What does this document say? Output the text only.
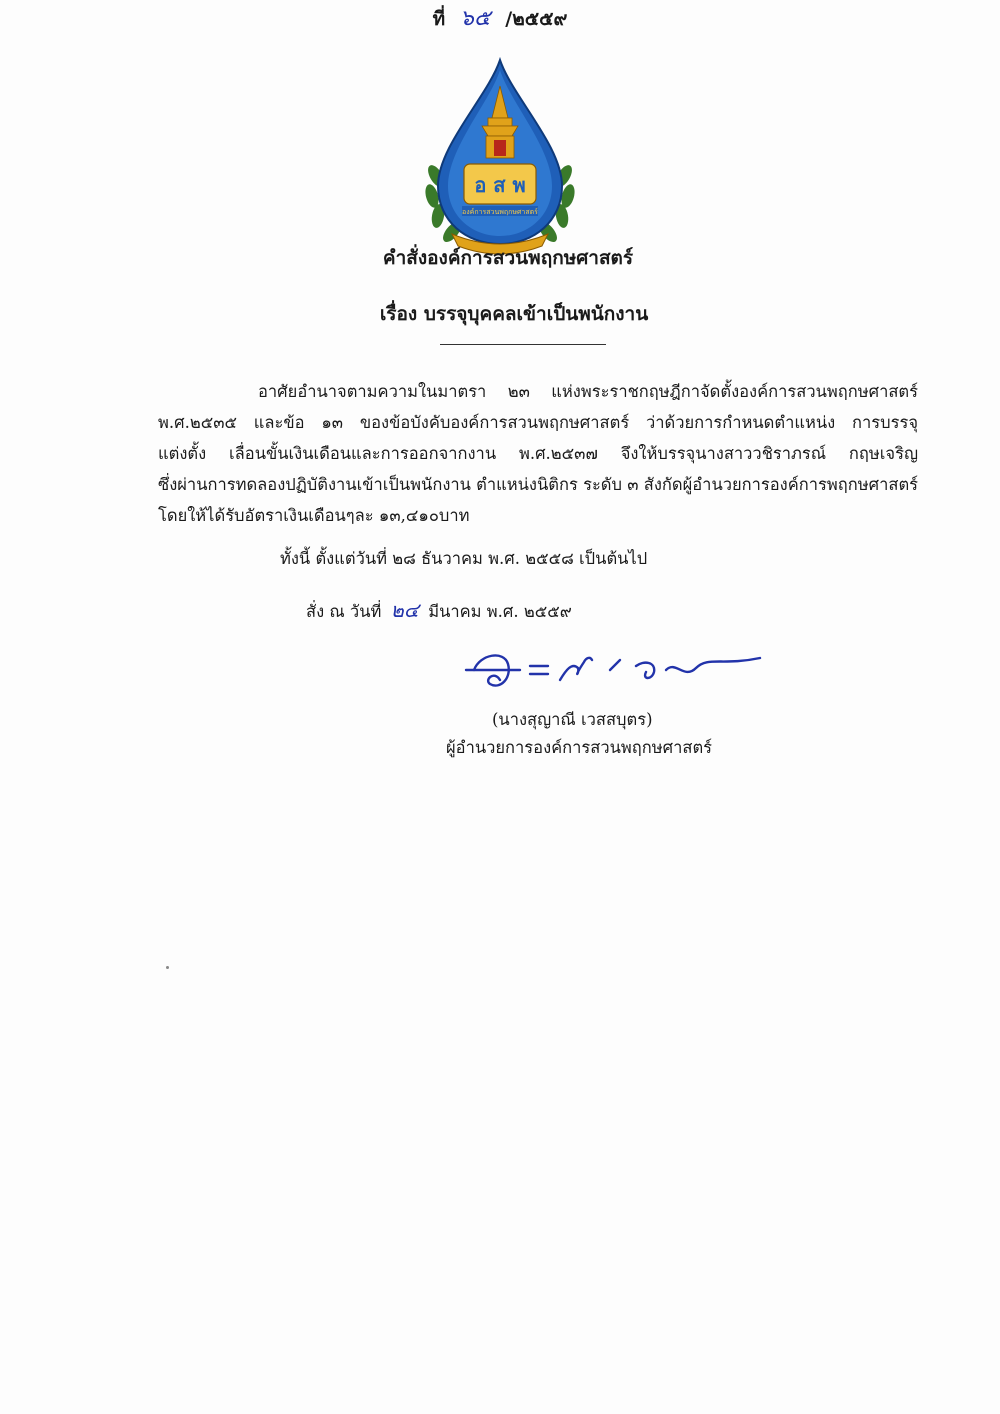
อ ส พ
องค์การสวนพฤกษศาสตร์
คำสั่งองค์การสวนพฤกษศาสตร์
ที่ ๖๕ /๒๕๕๙
เรื่อง บรรจุบุคคลเข้าเป็นพนักงาน
อาศัยอำนาจตามความในมาตรา ๒๓ แห่งพระราชกฤษฎีกาจัดตั้งองค์การสวนพฤกษศาสตร์
พ.ศ.๒๕๓๕ และข้อ ๑๓ ของข้อบังคับองค์การสวนพฤกษศาสตร์ ว่าด้วยการกำหนดตำแหน่ง การบรรจุ
แต่งตั้ง เลื่อนขั้นเงินเดือนและการออกจากงาน พ.ศ.๒๕๓๗ จึงให้บรรจุนางสาววชิราภรณ์ กฤษเจริญ
ซึ่งผ่านการทดลองปฏิบัติงานเข้าเป็นพนักงาน ตำแหน่งนิติกร ระดับ ๓ สังกัดผู้อำนวยการองค์การพฤกษศาสตร์
โดยให้ได้รับอัตราเงินเดือนๆละ ๑๓,๔๑๐บาท
ทั้งนี้ ตั้งแต่วันที่ ๒๘ ธันวาคม พ.ศ. ๒๕๕๘ เป็นต้นไป
สั่ง ณ วันที่ ๒๔ มีนาคม พ.ศ. ๒๕๕๙
(นางสุญาณี เวสสบุตร)
ผู้อำนวยการองค์การสวนพฤกษศาสตร์
